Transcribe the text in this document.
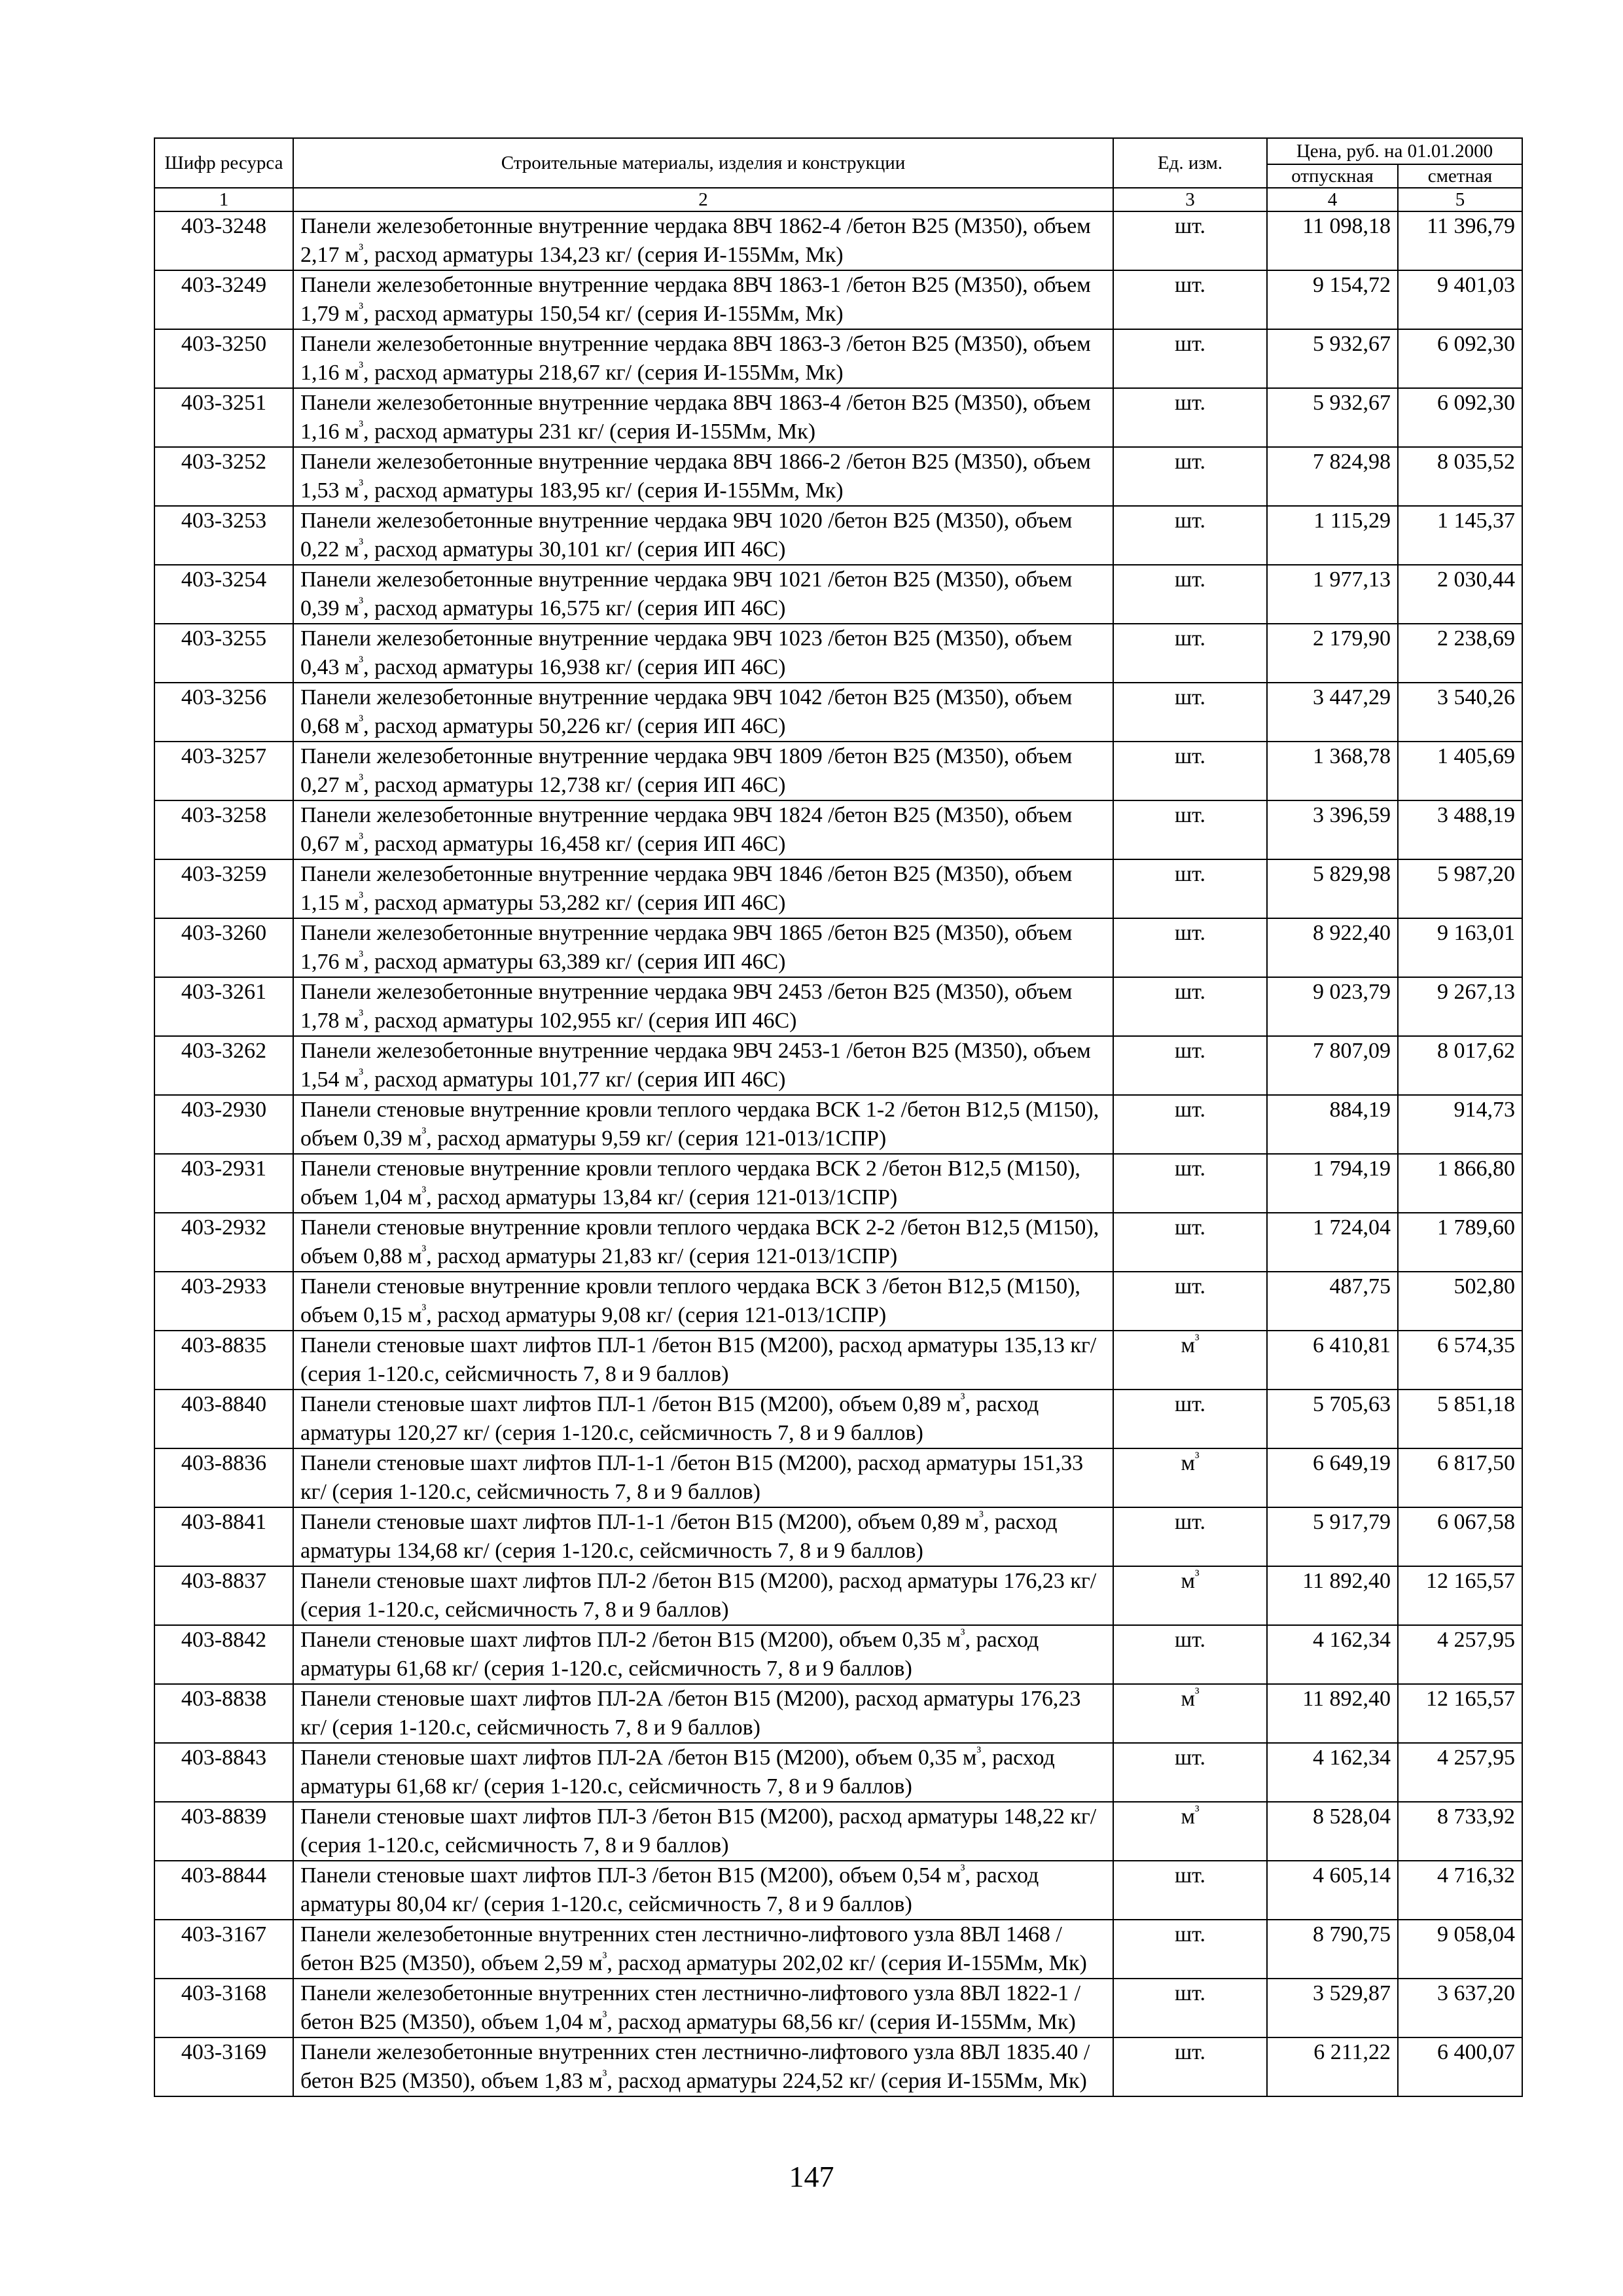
Шифр ресурса	Строительные материалы, изделия и конструкции	Ед. изм.	Цена, руб. на 01.01.2000	
			отпускная	сметная
1	2	3	4	5
403-3248	Панели железобетонные внутренние чердака 8ВЧ 1862-4 /бетон В25 (М350), объем 2,17 $м^{^3}$, расход арматуры 134,23 кг/ (серия И-155Мм, Мк)	шт.	11 098,18	11 396,79
403-3249	Панели железобетонные внутренние чердака 8ВЧ 1863-1 /бетон В25 (М350), объем 1,79 $м^{^3}$, расход арматуры 150,54 кг/ (серия И-155Мм, Мк)	шт.	9 154,72	9 401,03
403-3250	Панели железобетонные внутренние чердака 8ВЧ 1863-3 /бетон В25 (М350), объем 1,16 $м^{^3}$, расход арматуры 218,67 кг/ (серия И-155Мм, Мк)	шт.	5 932,67	6 092,30
403-3251	Панели железобетонные внутренние чердака 8ВЧ 1863-4 /бетон В25 (М350), объем 1,16 $м^{^3}$, расход арматуры 231 кг/ (серия И-155Мм, Мк)	шт.	5 932,67	6 092,30
403-3252	Панели железобетонные внутренние чердака 8ВЧ 1866-2 /бетон В25 (М350), объем 1,53 $м^{^3}$, расход арматуры 183,95 кг/ (серия И-155Мм, Мк)	шт.	7 824,98	8 035,52
403-3253	Панели железобетонные внутренние чердака 9ВЧ 1020 /бетон В25 (М350), объем 0,22 $м^{^3}$, расход арматуры 30,101 кг/ (серия ИП 46С)	шт.	1 115,29	1 145,37
403-3254	Панели железобетонные внутренние чердака 9ВЧ 1021 /бетон В25 (М350), объем 0,39 $м^{^3}$, расход арматуры 16,575 кг/ (серия ИП 46С)	шт.	1 977,13	2 030,44
403-3255	Панели железобетонные внутренние чердака 9ВЧ 1023 /бетон В25 (М350), объем 0,43 $м^{^3}$, расход арматуры 16,938 кг/ (серия ИП 46С)	шт.	2 179,90	2 238,69
403-3256	Панели железобетонные внутренние чердака 9ВЧ 1042 /бетон В25 (М350), объем 0,68 $м^{^3}$, расход арматуры 50,226 кг/ (серия ИП 46С)	шт.	3 447,29	3 540,26
403-3257	Панели железобетонные внутренние чердака 9ВЧ 1809 /бетон В25 (М350), объем 0,27 $м^{^3}$, расход арматуры 12,738 кг/ (серия ИП 46С)	шт.	1 368,78	1 405,69
403-3258	Панели железобетонные внутренние чердака 9ВЧ 1824 /бетон В25 (М350), объем 0,67 $м^{^3}$, расход арматуры 16,458 кг/ (серия ИП 46С)	шт.	3 396,59	3 488,19
403-3259	Панели железобетонные внутренние чердака 9ВЧ 1846 /бетон В25 (М350), объем 1,15 $м^{^3}$, расход арматуры 53,282 кг/ (серия ИП 46С)	шт.	5 829,98	5 987,20
403-3260	Панели железобетонные внутренние чердака 9ВЧ 1865 /бетон В25 (М350), объем 1,76 $м^{^3}$, расход арматуры 63,389 кг/ (серия ИП 46С)	шт.	8 922,40	9 163,01
403-3261	Панели железобетонные внутренние чердака 9ВЧ 2453 /бетон В25 (М350), объем 1,78 $м^{^3}$, расход арматуры 102,955 кг/ (серия ИП 46С)	шт.	9 023,79	9 267,13
403-3262	Панели железобетонные внутренние чердака 9ВЧ 2453-1 /бетон В25 (М350), объем 1,54 $м^{^3}$, расход арматуры 101,77 кг/ (серия ИП 46С)	шт.	7 807,09	8 017,62
403-2930	Панели стеновые внутренние кровли теплого чердака ВСК 1-2 /бетон В12,5 (М150), объем 0,39 $м^{^3}$, расход арматуры 9,59 кг/ (серия 121-013/1СПР)	шт.	884,19	914,73
403-2931	Панели стеновые внутренние кровли теплого чердака ВСК 2 /бетон В12,5 (М150), объем 1,04 $м^{^3}$, расход арматуры 13,84 кг/ (серия 121-013/1СПР)	шт.	1 794,19	1 866,80
403-2932	Панели стеновые внутренние кровли теплого чердака ВСК 2-2 /бетон В12,5 (М150), объем 0,88 $м^{^3}$, расход арматуры 21,83 кг/ (серия 121-013/1СПР)	шт.	1 724,04	1 789,60
403-2933	Панели стеновые внутренние кровли теплого чердака ВСК 3 /бетон В12,5 (М150), объем 0,15 $м^{^3}$, расход арматуры 9,08 кг/ (серия 121-013/1СПР)	шт.	487,75	502,80
403-8835	Панели стеновые шахт лифтов ПЛ-1 /бетон В15 (М200), расход арматуры 135,13 кг/ (серия 1-120.с, сейсмичность 7, 8 и 9 баллов)	$м^{^3}$	6 410,81	6 574,35
403-8840	Панели стеновые шахт лифтов ПЛ-1 /бетон В15 (М200), объем 0,89 $м^{^3}$, расход арматуры 120,27 кг/ (серия 1-120.с, сейсмичность 7, 8 и 9 баллов)	шт.	5 705,63	5 851,18
403-8836	Панели стеновые шахт лифтов ПЛ-1-1 /бетон В15 (М200), расход арматуры 151,33 кг/ (серия 1-120.с, сейсмичность 7, 8 и 9 баллов)	$м^{^3}$	6 649,19	6 817,50
403-8841	Панели стеновые шахт лифтов ПЛ-1-1 /бетон В15 (М200), объем 0,89 $м^{^3}$, расход арматуры 134,68 кг/ (серия 1-120.с, сейсмичность 7, 8 и 9 баллов)	шт.	5 917,79	6 067,58
403-8837	Панели стеновые шахт лифтов ПЛ-2 /бетон В15 (М200), расход арматуры 176,23 кг/ (серия 1-120.с, сейсмичность 7, 8 и 9 баллов)	$м^{^3}$	11 892,40	12 165,57
403-8842	Панели стеновые шахт лифтов ПЛ-2 /бетон В15 (М200), объем 0,35 $м^{^3}$, расход арматуры 61,68 кг/ (серия 1-120.с, сейсмичность 7, 8 и 9 баллов)	шт.	4 162,34	4 257,95
403-8838	Панели стеновые шахт лифтов ПЛ-2А /бетон В15 (М200), расход арматуры 176,23 кг/ (серия 1-120.с, сейсмичность 7, 8 и 9 баллов)	$м^{^3}$	11 892,40	12 165,57
403-8843	Панели стеновые шахт лифтов ПЛ-2А /бетон В15 (М200), объем 0,35 $м^{^3}$, расход арматуры 61,68 кг/ (серия 1-120.с, сейсмичность 7, 8 и 9 баллов)	шт.	4 162,34	4 257,95
403-8839	Панели стеновые шахт лифтов ПЛ-3 /бетон В15 (М200), расход арматуры 148,22 кг/ (серия 1-120.с, сейсмичность 7, 8 и 9 баллов)	$м^{^3}$	8 528,04	8 733,92
403-8844	Панели стеновые шахт лифтов ПЛ-3 /бетон В15 (М200), объем 0,54 $м^{^3}$, расход арматуры 80,04 кг/ (серия 1-120.с, сейсмичность 7, 8 и 9 баллов)	шт.	4 605,14	4 716,32
403-3167	Панели железобетонные внутренних стен лестнично-лифтового узла 8ВЛ 1468 /бетон В25 (М350), объем 2,59 $м^{^3}$, расход арматуры 202,02 кг/ (серия И-155Мм, Мк)	шт.	8 790,75	9 058,04
403-3168	Панели железобетонные внутренних стен лестнично-лифтового узла 8ВЛ 1822-1 /бетон В25 (М350), объем 1,04 $м^{^3}$, расход арматуры 68,56 кг/ (серия И-155Мм, Мк)	шт.	3 529,87	3 637,20
403-3169	Панели железобетонные внутренних стен лестнично-лифтового узла 8ВЛ 1835.40 /бетон В25 (М350), объем 1,83 $м^{^3}$, расход арматуры 224,52 кг/ (серия И-155Мм, Мк)	шт.	6 211,22	6 400,07
147
